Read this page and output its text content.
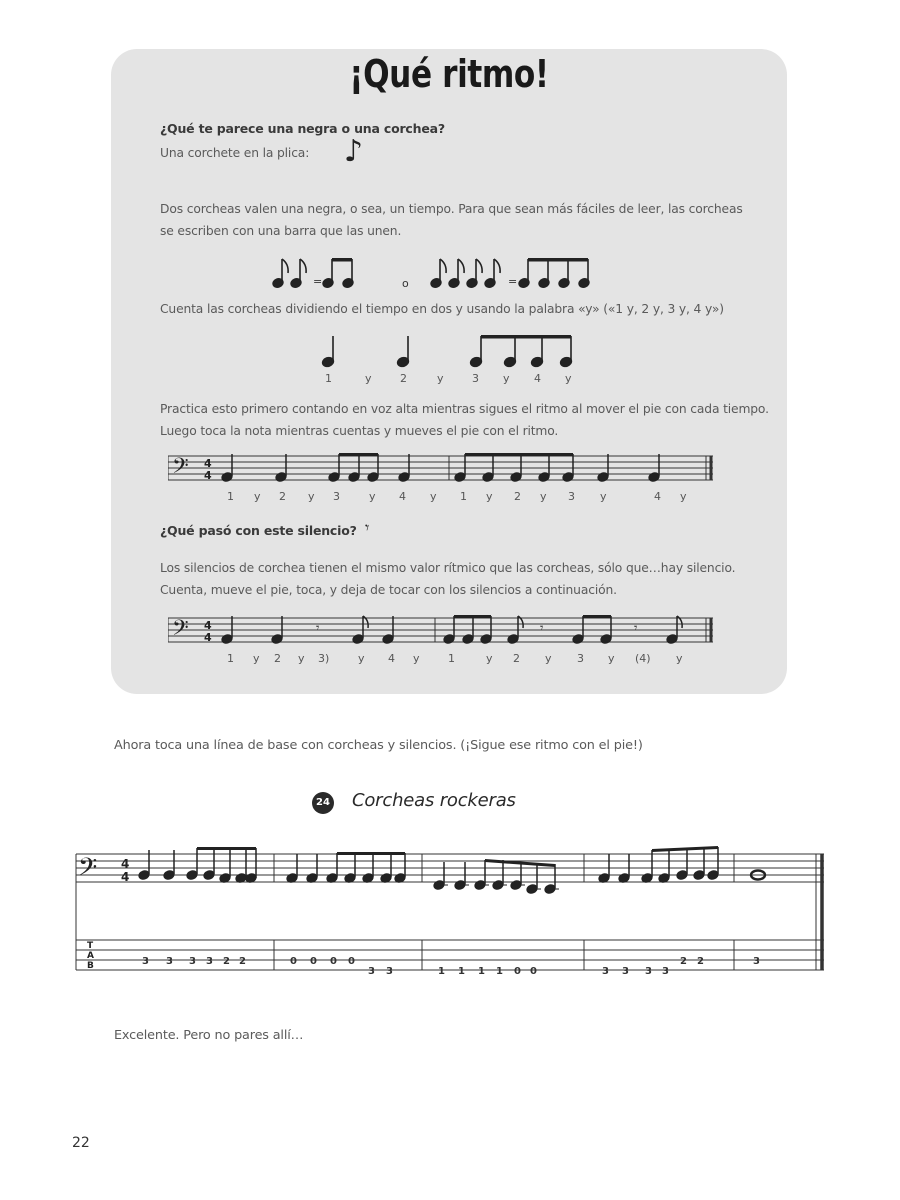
¡Qué ritmo!
¿Qué te parece una negra o una corchea?
Una corchete en la plica: ♪
Dos corcheas valen una negra, o sea, un tiempo. Para que sean más fáciles de leer, las corcheas se escriben con una barra que las unen.
=	o	=
Cuenta las corcheas dividiendo el tiempo en dos y usando la palabra «y» («1 y, 2 y, 3 y, 4 y»)
1	y	2	y	3 y 4 y
Practica esto primero contando en voz alta mientras sigues el ritmo al mover el pie con cada tiempo. Luego toca la nota mientras cuentas y mueves el pie con el ritmo.
𝄢 4
4
1 y 2 y 3	y 4 y 1 y 2 y 3 y	4 y
¿Qué pasó con este silencio? 𝄾
Los silencios de corchea tienen el mismo valor rítmico que las corcheas, sólo que…hay silencio. Cuenta, mueve el pie, toca, y deja de tocar con los silencios a continuación.
𝄢 4
4
𝄾	𝄾	𝄾
1 y 2 y 3)	y 4 y	1	y 2 y 3 y (4) y
Ahora toca una línea de base con corcheas y silencios. (¡Sigue ese ritmo con el pie!)
24 Corcheas rockeras
𝄢 4
4
T
A
B	3 3 3 3 2 2	0 0 0 0
3 3	1 1 1 1 0 0	3 3 3 3
2 2	3
Excelente. Pero no pares allí…
22
